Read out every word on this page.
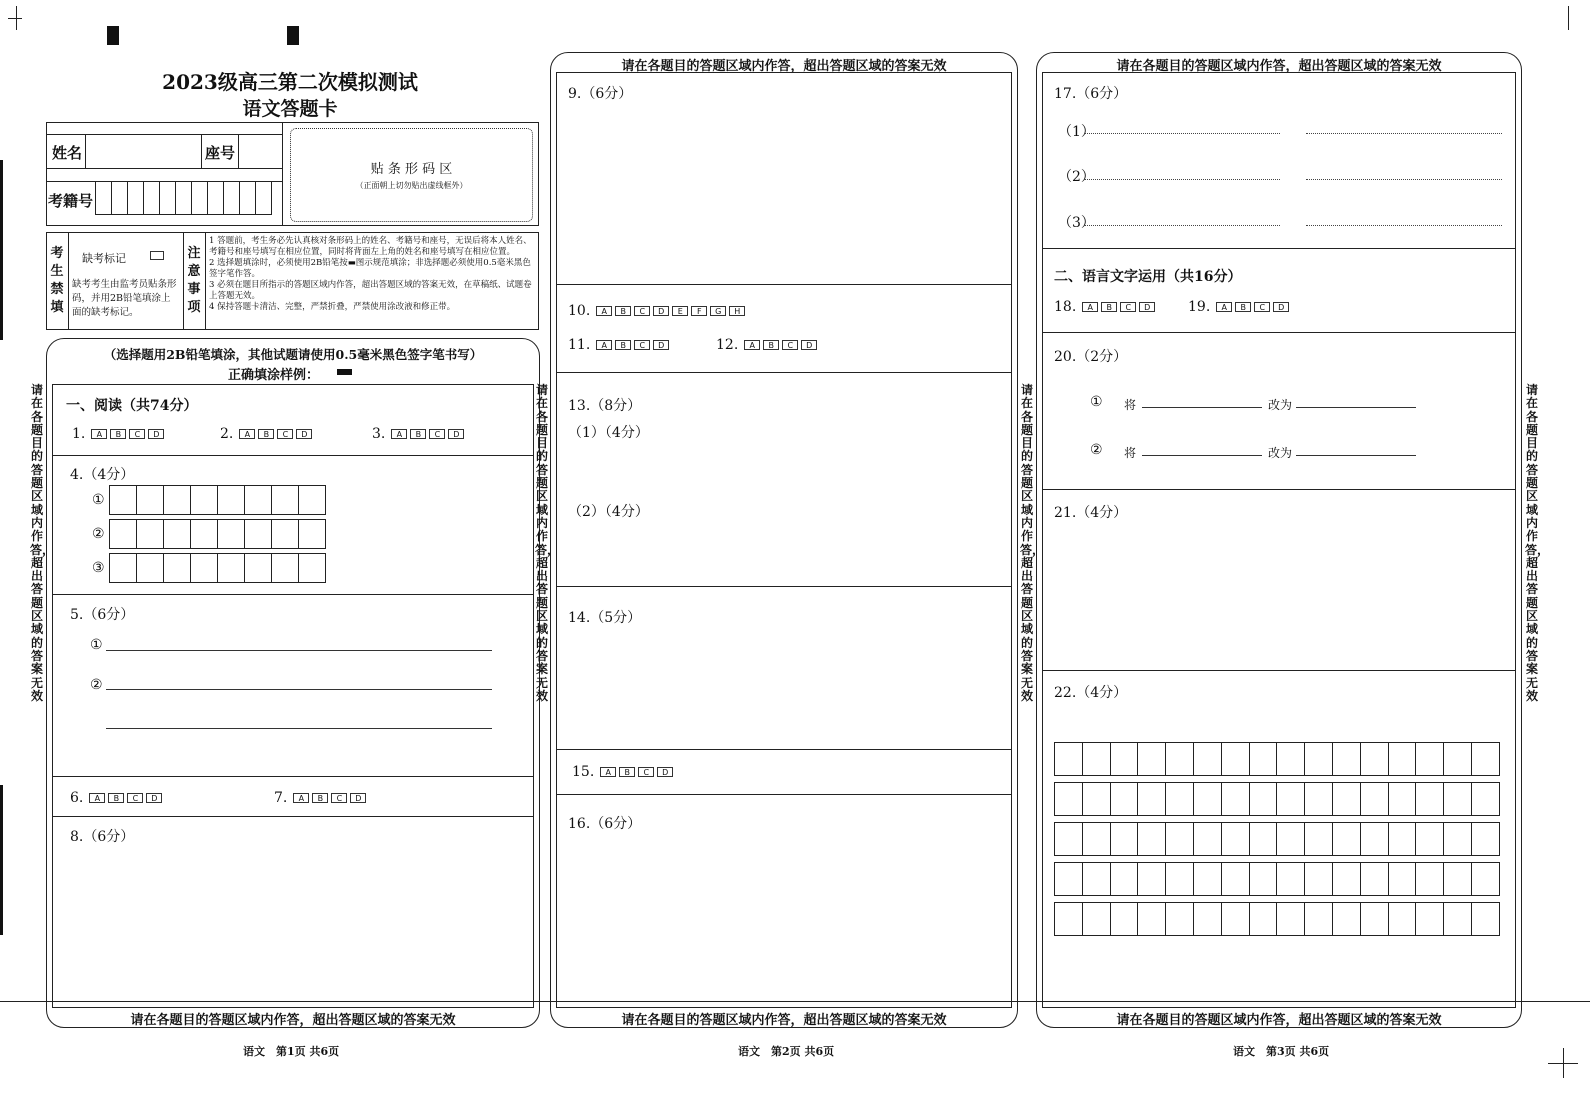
2023级高三第二次模拟测试
语文答题卡
姓名	座号
考籍号
贴 条 形 码 区
（正面朝上切勿贴出虚线框外）
考生禁填
缺考标记
缺考考生由监考员贴条形码，并用2B铅笔填涂上面的缺考标记。
注意事项
1 答题前，考生务必先认真核对条形码上的姓名、考籍号和座号，无误后将本人姓名、考籍号和座号填写在相应位置，同时将背面左上角的姓名和座号填写在相应位置。
2 选择题填涂时，必须使用2B铅笔按▬图示规范填涂；非选择题必须使用0.5毫米黑色签字笔作答。
3 必须在题目所指示的答题区域内作答，超出答题区域的答案无效，在草稿纸、试题卷上答题无效。
4 保持答题卡清洁、完整，严禁折叠，严禁使用涂改液和修正带。
（选择题用2B铅笔填涂，其他试题请使用0.5毫米黑色签字笔书写）
正确填涂样例：
一、阅读（共74分）
1.	A	B	C	D	2.	A	B	C	D	3.	A	B	C	D
4.（4分）
①
②
③
5.（6分）
①
②
6.	A	B	C	D	7.	A	B	C	D
8.（6分）
请在各题目的答题区域内作答，超出答题区域的答案无效
语文　第1页 共6页
请在各题目的答题区域内作答，超出答题区域的答案无效
请在各题目的答题区域内作答，超出答题区域的答案无效
请在各题目的答题区域内作答，超出答题区域的答案无效
请在各题目的答题区域内作答，超出答题区域的答案无效
请在各题目的答题区域内作答，超出答题区域的答案无效
9.（6分）
10.	A	B	C	D	E	F	G	H
11.	A	B	C	D	12.	A	B	C	D
13.（8分）
（1）（4分）
（2）（4分）
14.（5分）
15.	A	B	C	D
16.（6分）
请在各题目的答题区域内作答，超出答题区域的答案无效
语文　第2页 共6页
请在各题目的答题区域内作答，超出答题区域的答案无效
17.（6分）
（1）
（2）
（3）
二、语言文字运用（共16分）
18.	A	B	C	D	19.	A	B	C	D
20.（2分）
① 将	改为
② 将	改为
21.（4分）
22.（4分）
请在各题目的答题区域内作答，超出答题区域的答案无效
语文　第3页 共6页
